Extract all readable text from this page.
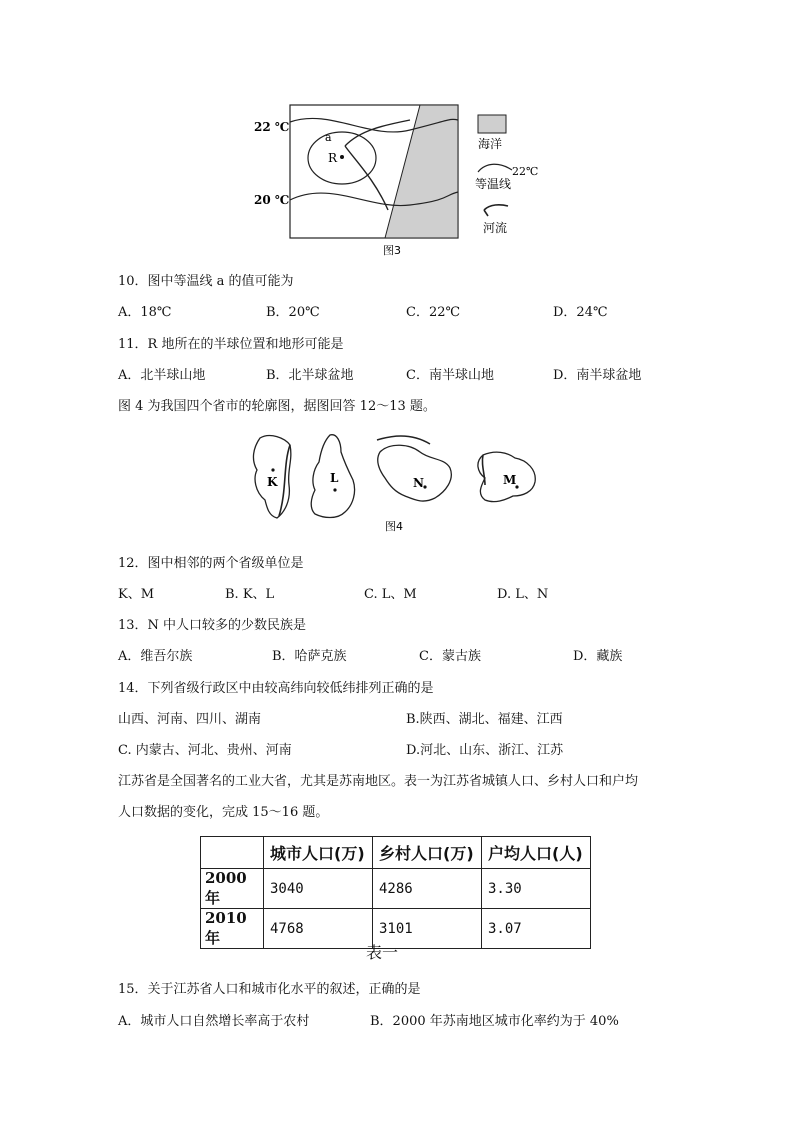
22 ℃
20 ℃
a
R
海洋
22℃
等温线
河流
图3
10．图中等温线 a 的值可能为
A．18℃	B．20℃	C．22℃	D．24℃
11．R 地所在的半球位置和地形可能是
A．北半球山地	B．北半球盆地	C．南半球山地	D．南半球盆地
图 4 为我国四个省市的轮廓图，据图回答 12～13 题。
K	L	N	M
图4
12．图中相邻的两个省级单位是
K、M	B. K、L	C. L、M	D. L、N
13．N 中人口较多的少数民族是
A．维吾尔族	B．哈萨克族	C．蒙古族	D．藏族
14．下列省级行政区中由较高纬向较低纬排列正确的是
山西、河南、四川、湖南	B.陕西、湖北、福建、江西
C. 内蒙古、河北、贵州、河南	D.河北、山东、浙江、江苏
江苏省是全国著名的工业大省，尤其是苏南地区。表一为江苏省城镇人口、乡村人口和户均
人口数据的变化，完成 15～16 题。
	城市人口(万)	乡村人口(万)	户均人口(人)
2000年	3040	4286	3.30
2010年	4768	3101	3.07
表一
15．关于江苏省人口和城市化水平的叙述，正确的是
A．城市人口自然增长率高于农村	B．2000 年苏南地区城市化率约为于 40%
